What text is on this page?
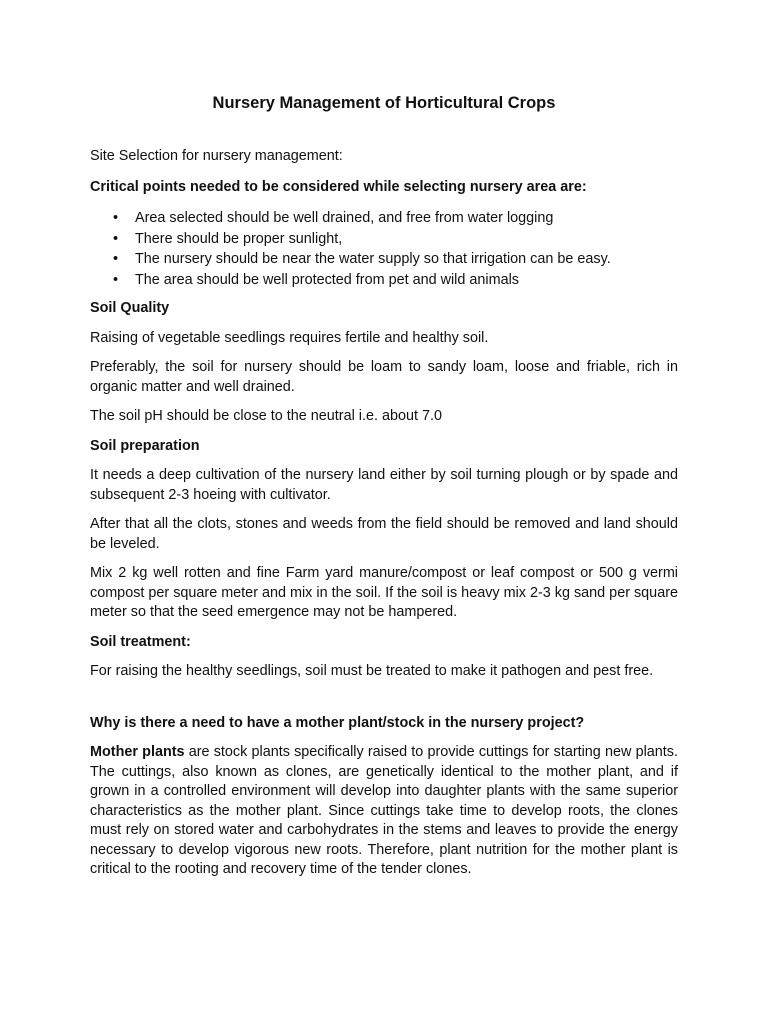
Nursery Management of Horticultural Crops

Site Selection for nursery management:

Critical points needed to be considered while selecting nursery area are:

• Area selected should be well drained, and free from water logging
• There should be proper sunlight,
• The nursery should be near the water supply so that irrigation can be easy.
• The area should be well protected from pet and wild animals

Soil Quality

Raising of vegetable seedlings requires fertile and healthy soil.

Preferably, the soil for nursery should be loam to sandy loam, loose and friable, rich in organic matter and well drained.

The soil pH should be close to the neutral i.e. about 7.0

Soil preparation

It needs a deep cultivation of the nursery land either by soil turning plough or by spade and subsequent 2-3 hoeing with cultivator.

After that all the clots, stones and weeds from the field should be removed and land should be leveled.

Mix 2 kg well rotten and fine Farm yard manure/compost or leaf compost or 500 g vermi compost per square meter and mix in the soil. If the soil is heavy mix 2-3 kg sand per square meter so that the seed emergence may not be hampered.

Soil treatment:

For raising the healthy seedlings, soil must be treated to make it pathogen and pest free.

Why is there a need to have a mother plant/stock in the nursery project?

Mother plants are stock plants specifically raised to provide cuttings for starting new plants. The cuttings, also known as clones, are genetically identical to the mother plant, and if grown in a controlled environment will develop into daughter plants with the same superior characteristics as the mother plant. Since cuttings take time to develop roots, the clones must rely on stored water and carbohydrates in the stems and leaves to provide the energy necessary to develop vigorous new roots. Therefore, plant nutrition for the mother plant is critical to the rooting and recovery time of the tender clones.
